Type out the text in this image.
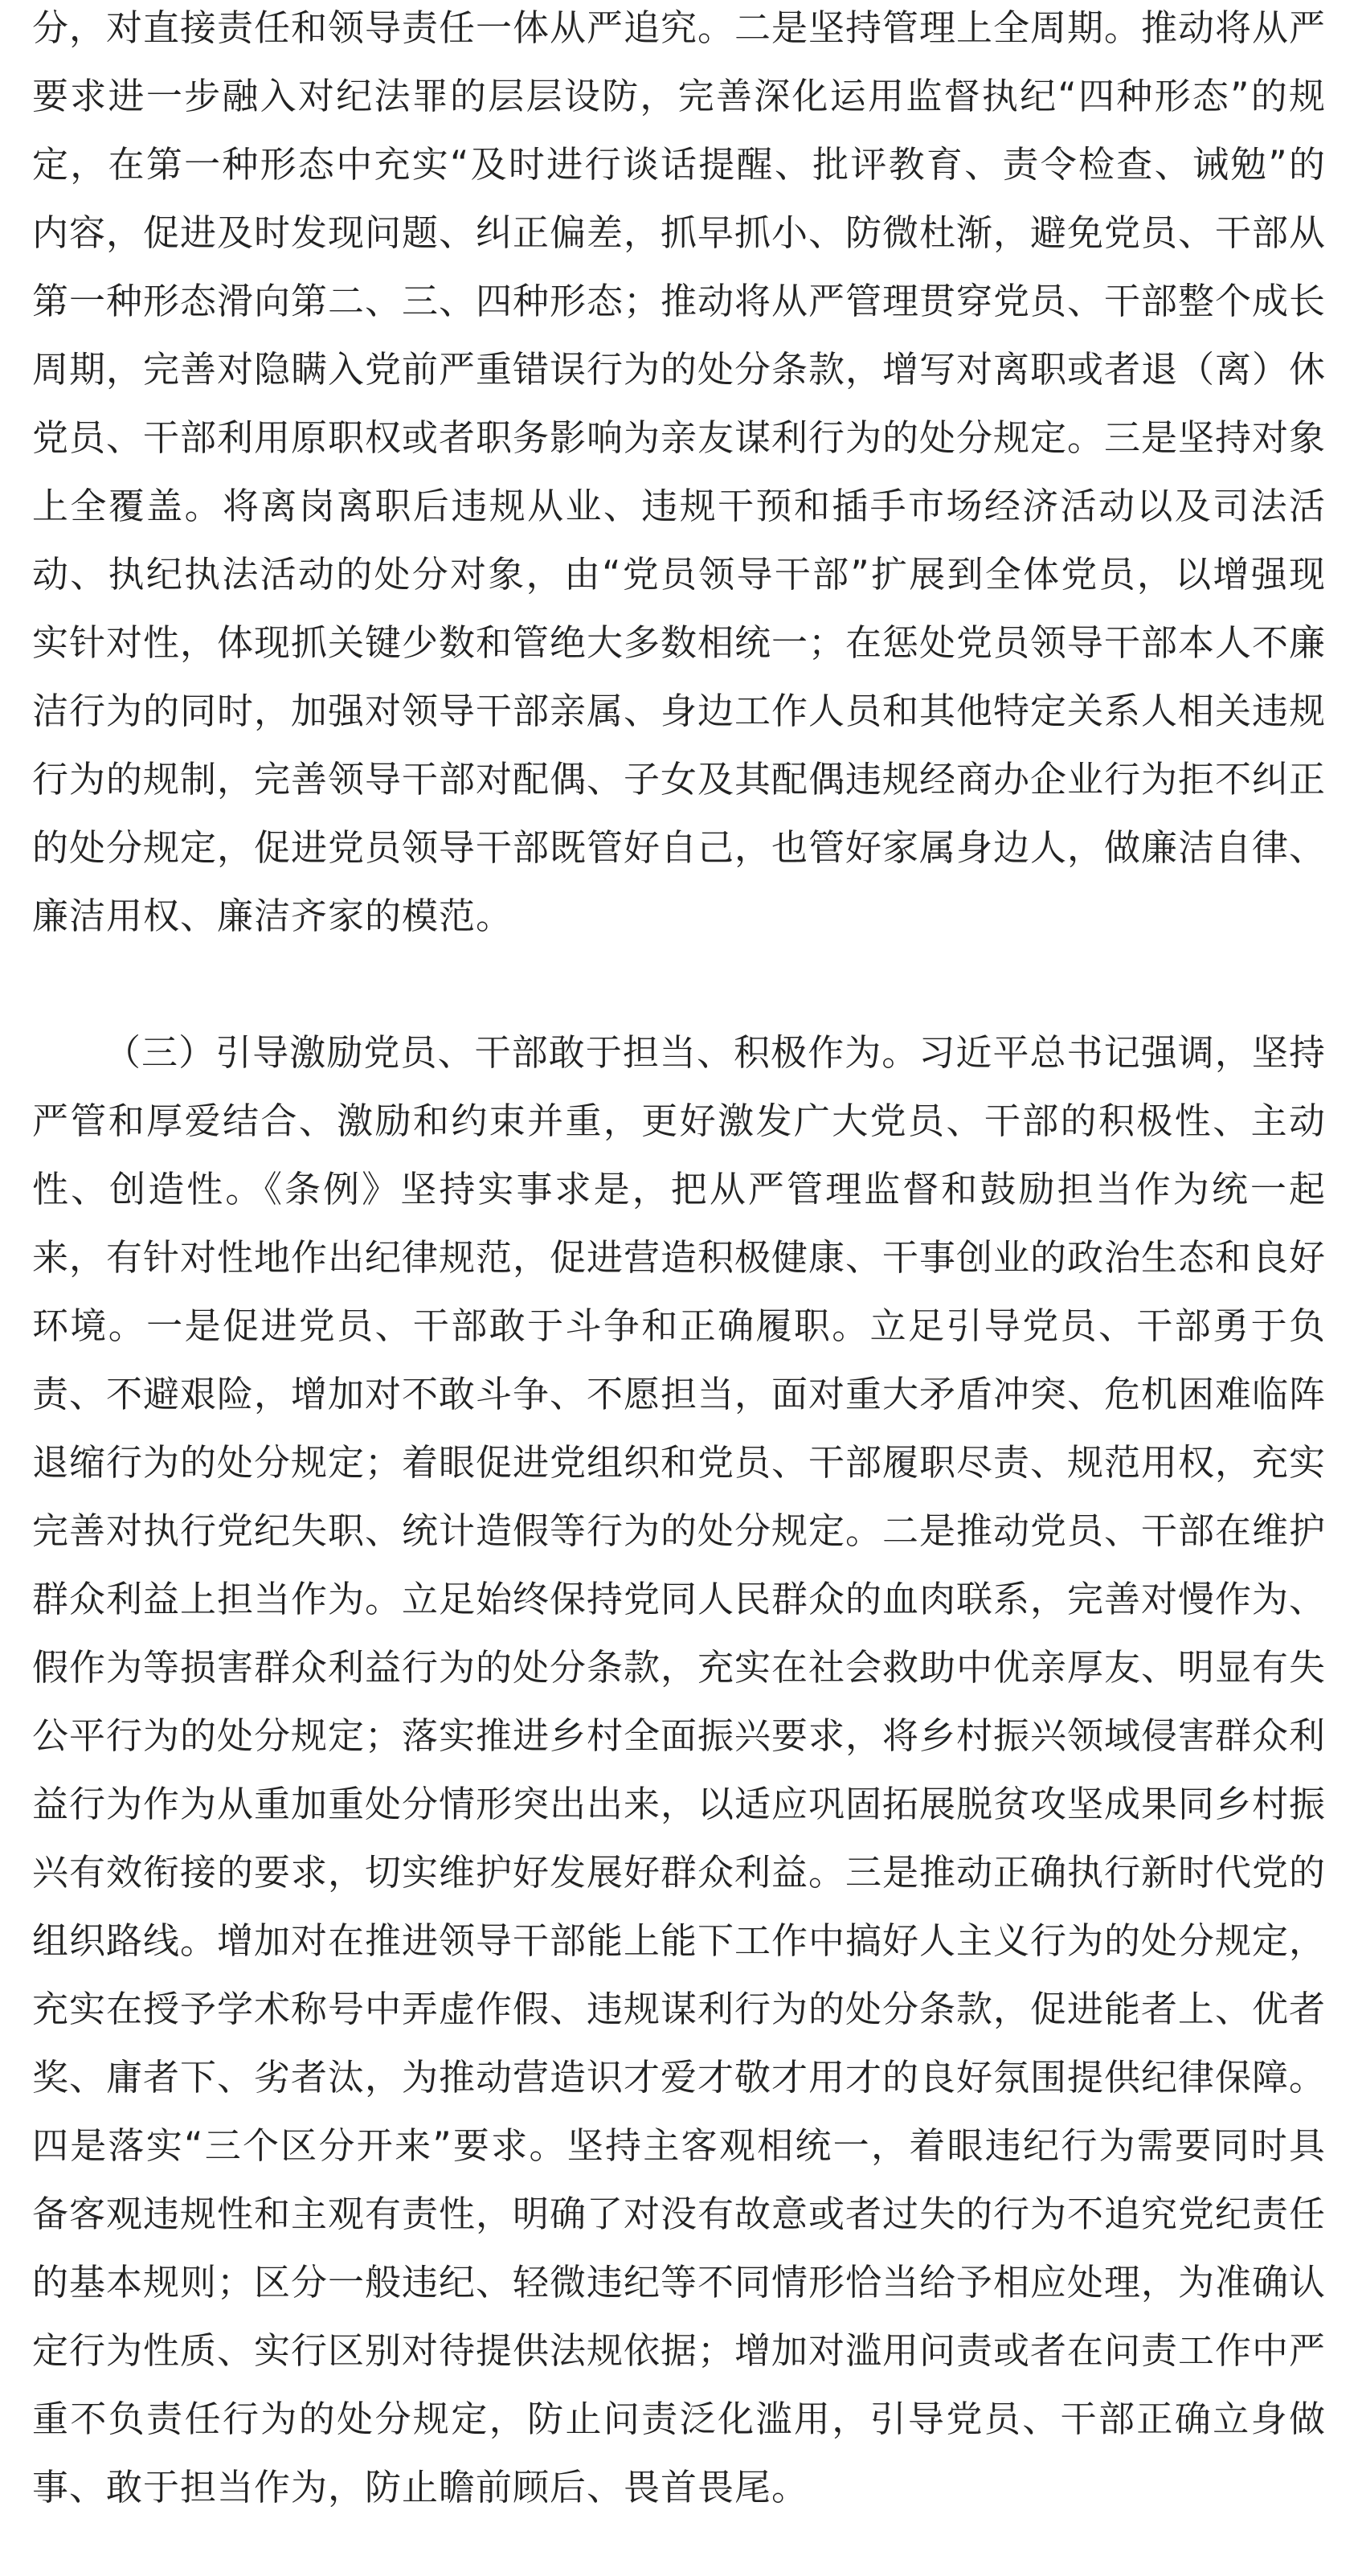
分，对直接责任和领导责任一体从严追究。二是坚持管理上全周期。推动将从严要求进一步融入对纪法罪的层层设防，完善深化运用监督执纪“四种形态”的规定，在第一种形态中充实“及时进行谈话提醒、批评教育、责令检查、诫勉”的内容，促进及时发现问题、纠正偏差，抓早抓小、防微杜渐，避免党员、干部从第一种形态滑向第二、三、四种形态；推动将从严管理贯穿党员、干部整个成长周期，完善对隐瞒入党前严重错误行为的处分条款，增写对离职或者退（离）休党员、干部利用原职权或者职务影响为亲友谋利行为的处分规定。三是坚持对象上全覆盖。将离岗离职后违规从业、违规干预和插手市场经济活动以及司法活动、执纪执法活动的处分对象，由“党员领导干部”扩展到全体党员，以增强现实针对性，体现抓关键少数和管绝大多数相统一；在惩处党员领导干部本人不廉洁行为的同时，加强对领导干部亲属、身边工作人员和其他特定关系人相关违规行为的规制，完善领导干部对配偶、子女及其配偶违规经商办企业行为拒不纠正的处分规定，促进党员领导干部既管好自己，也管好家属身边人，做廉洁自律、廉洁用权、廉洁齐家的模范。

（三）引导激励党员、干部敢于担当、积极作为。习近平总书记强调，坚持严管和厚爱结合、激励和约束并重，更好激发广大党员、干部的积极性、主动性、创造性。《条例》坚持实事求是，把从严管理监督和鼓励担当作为统一起来，有针对性地作出纪律规范，促进营造积极健康、干事创业的政治生态和良好环境。一是促进党员、干部敢于斗争和正确履职。立足引导党员、干部勇于负责、不避艰险，增加对不敢斗争、不愿担当，面对重大矛盾冲突、危机困难临阵退缩行为的处分规定；着眼促进党组织和党员、干部履职尽责、规范用权，充实完善对执行党纪失职、统计造假等行为的处分规定。二是推动党员、干部在维护群众利益上担当作为。立足始终保持党同人民群众的血肉联系，完善对慢作为、假作为等损害群众利益行为的处分条款，充实在社会救助中优亲厚友、明显有失公平行为的处分规定；落实推进乡村全面振兴要求，将乡村振兴领域侵害群众利益行为作为从重加重处分情形突出出来，以适应巩固拓展脱贫攻坚成果同乡村振兴有效衔接的要求，切实维护好发展好群众利益。三是推动正确执行新时代党的组织路线。增加对在推进领导干部能上能下工作中搞好人主义行为的处分规定，充实在授予学术称号中弄虚作假、违规谋利行为的处分条款，促进能者上、优者奖、庸者下、劣者汰，为推动营造识才爱才敬才用才的良好氛围提供纪律保障。四是落实“三个区分开来”要求。坚持主客观相统一，着眼违纪行为需要同时具备客观违规性和主观有责性，明确了对没有故意或者过失的行为不追究党纪责任的基本规则；区分一般违纪、轻微违纪等不同情形恰当给予相应处理，为准确认定行为性质、实行区别对待提供法规依据；增加对滥用问责或者在问责工作中严重不负责任行为的处分规定，防止问责泛化滥用，引导党员、干部正确立身做事、敢于担当作为，防止瞻前顾后、畏首畏尾。
